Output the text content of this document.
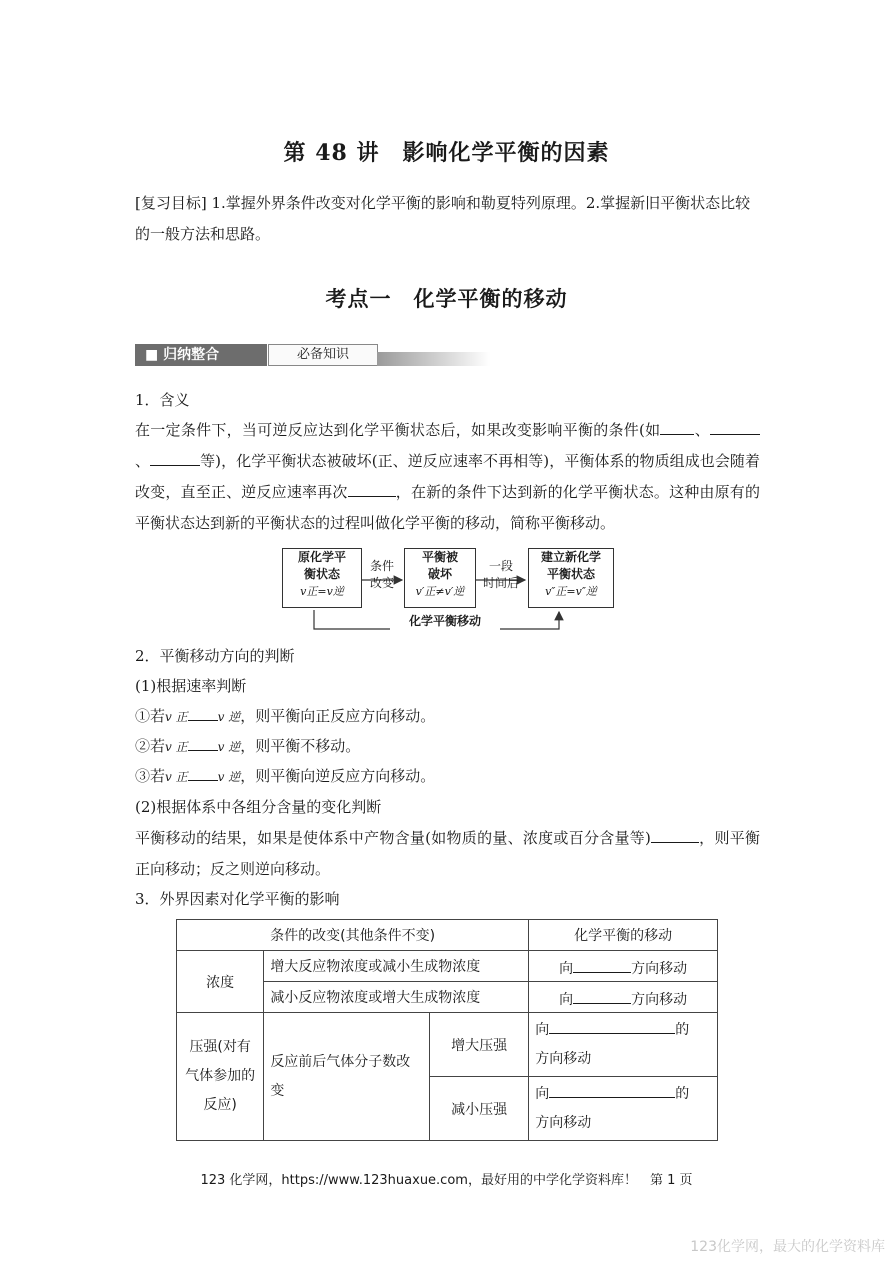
第 48 讲　影响化学平衡的因素
[复习目标] 1.掌握外界条件改变对化学平衡的影响和勒夏特列原理。2.掌握新旧平衡状态比较的一般方法和思路。
考点一　化学平衡的移动
■ 归纳整合	必备知识
1．含义
在一定条件下，当可逆反应达到化学平衡状态后，如果改变影响平衡的条件(如 、、	等)，化学平衡状态被破坏(正、逆反应速率不再相等)，平衡体系的物质组成也会随着改变，直至正、逆反应速率再次	，在新的条件下达到新的化学平衡状态。这种由原有的平衡状态达到新的平衡状态的过程叫做化学平衡的移动，简称平衡移动。
原化学平
衡状态
v正=v逆
条件
改变
平衡被
破坏
v′正≠v′逆
一段
时间后
建立新化学
平衡状态
v″正=v″逆
化学平衡移动
2．平衡移动方向的判断
(1)根据速率判断
①若v 正	v 逆，则平衡向正反应方向移动。
②若v 正	v 逆，则平衡不移动。
③若v 正	v 逆，则平衡向逆反应方向移动。
(2)根据体系中各组分含量的变化判断
平衡移动的结果，如果是使体系中产物含量(如物质的量、浓度或百分含量等)	，则平衡正向移动；反之则逆向移动。
3．外界因素对化学平衡的影响
条件的改变(其他条件不变)			化学平衡的移动
浓度	增大反应物浓度或减小生成物浓度		向 方向移动
	减小反应物浓度或增大生成物浓度		向 方向移动
压强(对有气体参加的反应)	反应前后气体分子数改变	增大压强	向 的
方向移动
		减小压强	向 的
方向移动
123 化学网，https://www.123huaxue.com，最好用的中学化学资料库！　第 1 页
123化学网，最大的化学资料库
